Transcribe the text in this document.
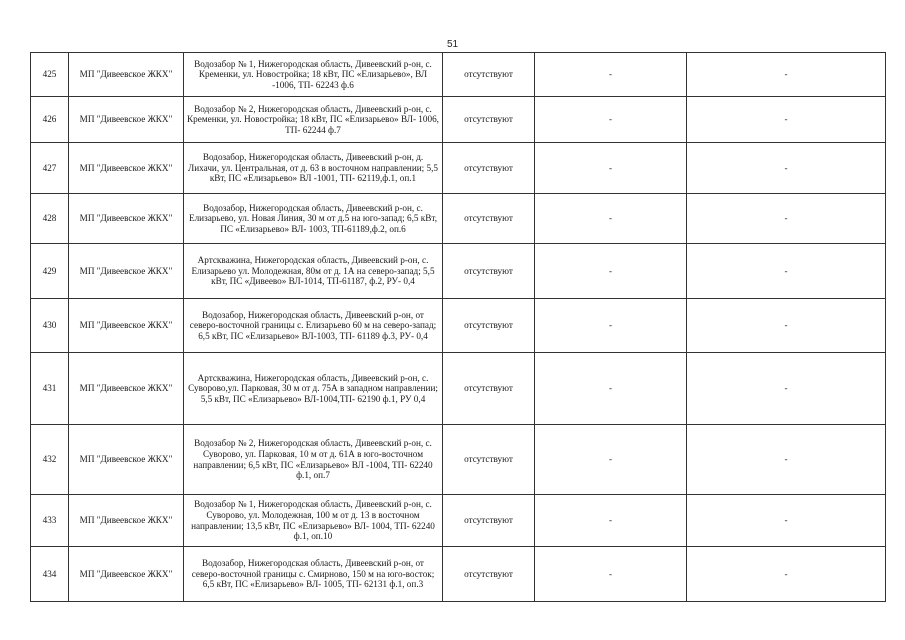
51
425	МП "Дивеевское ЖКХ"	Водозабор № 1, Нижегородская область, Дивеевский р-он, с. Кременки, ул. Новостройка; 18 кВт, ПС «Елизарьево», ВЛ -1006, ТП- 62243 ф.6	отсутствуют	-	-
426	МП "Дивеевское ЖКХ"	Водозабор № 2, Нижегородская область, Дивеевский р-он, с. Кременки, ул. Новостройка; 18 кВт, ПС «Елизарьево» ВЛ- 1006, ТП- 62244 ф.7	отсутствуют	-	-
427	МП "Дивеевское ЖКХ"	Водозабор, Нижегородская область, Дивеевский р-он, д. Лихачи, ул. Центральная, от д. 63 в восточном направлении; 5,5 кВт, ПС «Елизарьево» ВЛ -1001, ТП- 62119,ф.1, оп.1	отсутствуют	-	-
428	МП "Дивеевское ЖКХ"	Водозабор, Нижегородская область, Дивеевский р-он, с. Елизарьево, ул. Новая Линия, 30 м от д.5 на юго-запад; 6,5 кВт, ПС «Елизарьево» ВЛ- 1003, ТП-61189,ф.2, оп.6	отсутствуют	-	-
429	МП "Дивеевское ЖКХ"	Артскважина, Нижегородская область, Дивеевский р-он, с. Елизарьево ул. Молодежная, 80м от д. 1А на северо-запад; 5,5 кВт, ПС «Дивеево» ВЛ-1014, ТП-61187, ф.2, РУ- 0,4	отсутствуют	-	-
430	МП "Дивеевское ЖКХ"	Водозабор, Нижегородская область, Дивеевский р-он, от северо-восточной границы с. Елизарьево 60 м на северо-запад; 6,5 кВт, ПС «Елизарьево» ВЛ-1003, ТП- 61189 ф.3, РУ- 0,4	отсутствуют	-	-
431	МП "Дивеевское ЖКХ"	Артскважина, Нижегородская область, Дивеевский р-он, с. Суворово,ул. Парковая, 30 м от д. 75А в западном направлении; 5,5 кВт, ПС «Елизарьево» ВЛ-1004,ТП- 62190 ф.1, РУ 0,4	отсутствуют	-	-
432	МП "Дивеевское ЖКХ"	Водозабор № 2, Нижегородская область, Дивеевский р-он, с. Суворово, ул. Парковая, 10 м от д. 61А в юго-восточном направлении; 6,5 кВт, ПС «Елизарьево» ВЛ -1004, ТП- 62240 ф.1, оп.7	отсутствуют	-	-
433	МП "Дивеевское ЖКХ"	Водозабор № 1, Нижегородская область, Дивеевский р-он, с. Суворово, ул. Молодежная, 100 м от д. 13 в восточном направлении; 13,5 кВт, ПС «Елизарьево» ВЛ- 1004, ТП- 62240 ф.1, оп.10	отсутствуют	-	-
434	МП "Дивеевское ЖКХ"	Водозабор, Нижегородская область, Дивеевский р-он, от северо-восточной границы с. Смирново, 150 м на юго-восток; 6,5 кВт, ПС «Елизарьево» ВЛ- 1005, ТП- 62131 ф.1, оп.3	отсутствуют	-	-
